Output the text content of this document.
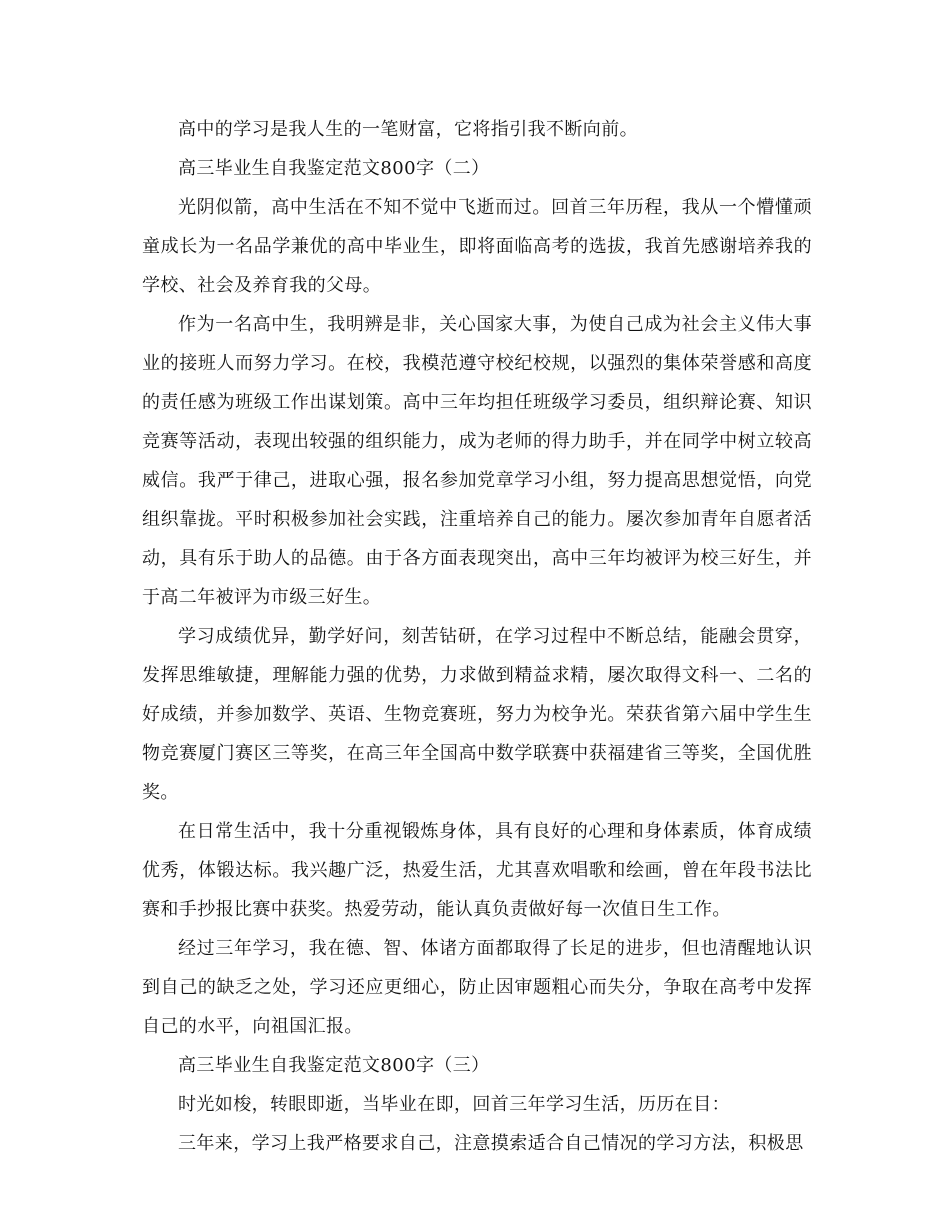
高中的学习是我人生的一笔财富，它将指引我不断向前。

高三毕业生自我鉴定范文800字（二）

光阴似箭，高中生活在不知不觉中飞逝而过。回首三年历程，我从一个懵懂顽童成长为一名品学兼优的高中毕业生，即将面临高考的选拔，我首先感谢培养我的学校、社会及养育我的父母。

作为一名高中生，我明辨是非，关心国家大事，为使自己成为社会主义伟大事业的接班人而努力学习。在校，我模范遵守校纪校规，以强烈的集体荣誉感和高度的责任感为班级工作出谋划策。高中三年均担任班级学习委员，组织辩论赛、知识竞赛等活动，表现出较强的组织能力，成为老师的得力助手，并在同学中树立较高威信。我严于律己，进取心强，报名参加党章学习小组，努力提高思想觉悟，向党组织靠拢。平时积极参加社会实践，注重培养自己的能力。屡次参加青年自愿者活动，具有乐于助人的品德。由于各方面表现突出，高中三年均被评为校三好生，并于高二年被评为市级三好生。

学习成绩优异，勤学好问，刻苦钻研，在学习过程中不断总结，能融会贯穿，发挥思维敏捷，理解能力强的优势，力求做到精益求精，屡次取得文科一、二名的好成绩，并参加数学、英语、生物竞赛班，努力为校争光。荣获省第六届中学生生物竞赛厦门赛区三等奖，在高三年全国高中数学联赛中获福建省三等奖，全国优胜奖。

在日常生活中，我十分重视锻炼身体，具有良好的心理和身体素质，体育成绩优秀，体锻达标。我兴趣广泛，热爱生活，尤其喜欢唱歌和绘画，曾在年段书法比赛和手抄报比赛中获奖。热爱劳动，能认真负责做好每一次值日生工作。

经过三年学习，我在德、智、体诸方面都取得了长足的进步，但也清醒地认识到自己的缺乏之处，学习还应更细心，防止因审题粗心而失分，争取在高考中发挥自己的水平，向祖国汇报。

高三毕业生自我鉴定范文800字（三）

时光如梭，转眼即逝，当毕业在即，回首三年学习生活，历历在目：

三年来，学习上我严格要求自己，注意摸索适合自己情况的学习方法，积极思
